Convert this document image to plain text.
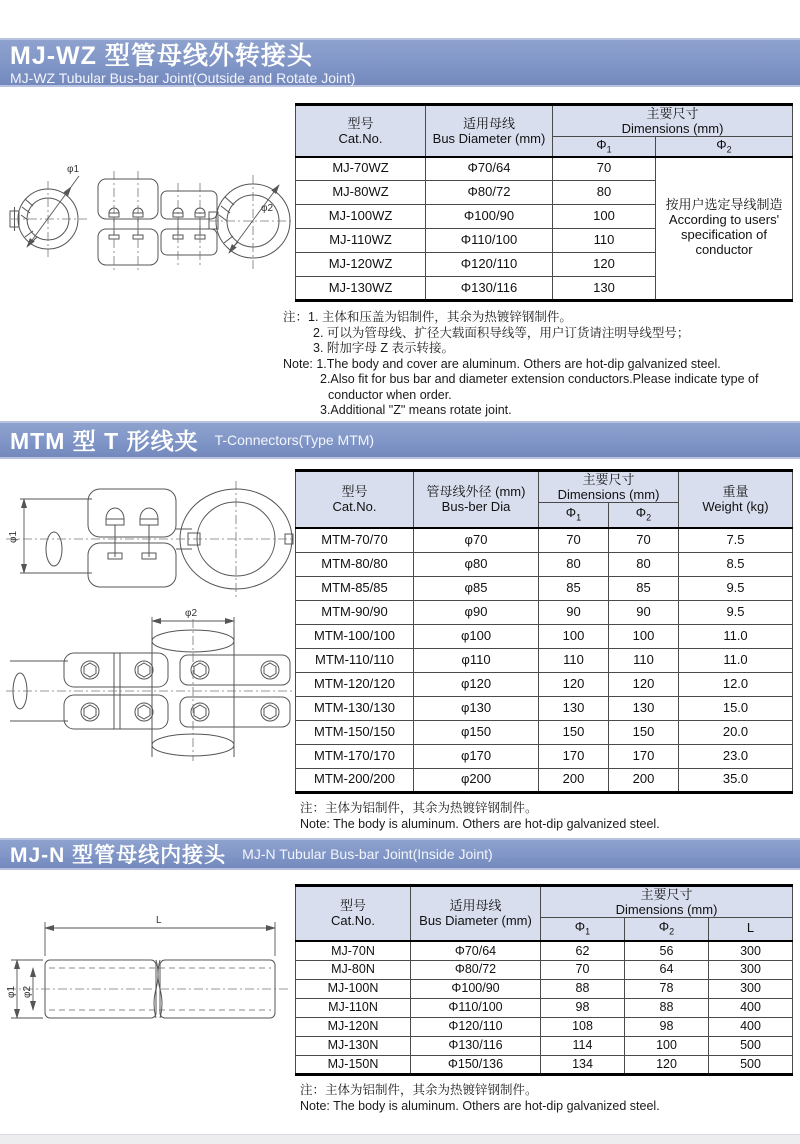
MJ-WZ 型管母线外转接头
MJ-WZ Tubular Bus-bar Joint(Outside and Rotate Joint)
φ1
φ2
型号
Cat.No.

适用母线
Bus Diameter (mm)

主要尺寸
Dimensions (mm)

		$\Phi_1$	$\Phi_2$
MJ-70WZ	Φ70/64	70	按用户选定导线制造
According to users' specification of conductor

MJ-80WZ	Φ80/72	80	
MJ-100WZ	Φ100/90	100	
MJ-110WZ	Φ110/100	110	
MJ-120WZ	Φ120/110	120	
MJ-130WZ	Φ130/116	130	
注：1. 主体和压盖为铝制件，其余为热镀锌钢制件。
2. 可以为管母线、扩径大载面积导线等，用户订货请注明导线型号；
3. 附加字母 Z 表示转接。
Note: 1.The body and cover are aluminum. Others are hot-dip galvanized steel.
2.Also fit for bus bar and diameter extension conductors.Please indicate type of
conductor when order.
3.Additional "Z" means rotate joint.
MTM 型 T 形线夹 T-Connectors(Type MTM)
φ1
φ2
型号
Cat.No.

管母线外径 (mm)
Bus-ber Dia

主要尺寸
Dimensions (mm)	重量
Weight (kg)

		$\Phi_1$	$\Phi_2$
MTM-70/70	φ70	70	70	7.5
MTM-80/80	φ80	80	80	8.5
MTM-85/85	φ85	85	85	9.5
MTM-90/90	φ90	90	90	9.5
MTM-100/100	φ100	100	100	11.0
MTM-110/110	φ110	110	110	11.0
MTM-120/120	φ120	120	120	12.0
MTM-130/130	φ130	130	130	15.0
MTM-150/150	φ150	150	150	20.0
MTM-170/170	φ170	170	170	23.0
MTM-200/200	φ200	200	200	35.0
注：主体为铝制件，其余为热镀锌钢制件。
Note: The body is aluminum. Others are hot-dip galvanized steel.
MJ-N 型管母线内接头 MJ-N Tubular Bus-bar Joint(Inside Joint)
L
φ1 φ2
型号
Cat.No.

适用母线
Bus Diameter (mm)

主要尺寸
Dimensions (mm)

		$\Phi_1$	$\Phi_2$	L
MJ-70N	Φ70/64	62	56	300
MJ-80N	Φ80/72	70	64	300
MJ-100N	Φ100/90	88	78	300
MJ-110N	Φ110/100	98	88	400
MJ-120N	Φ120/110	108	98	400
MJ-130N	Φ130/116	114	100	500
MJ-150N	Φ150/136	134	120	500
注：主体为铝制件，其余为热镀锌钢制件。
Note: The body is aluminum. Others are hot-dip galvanized steel.
